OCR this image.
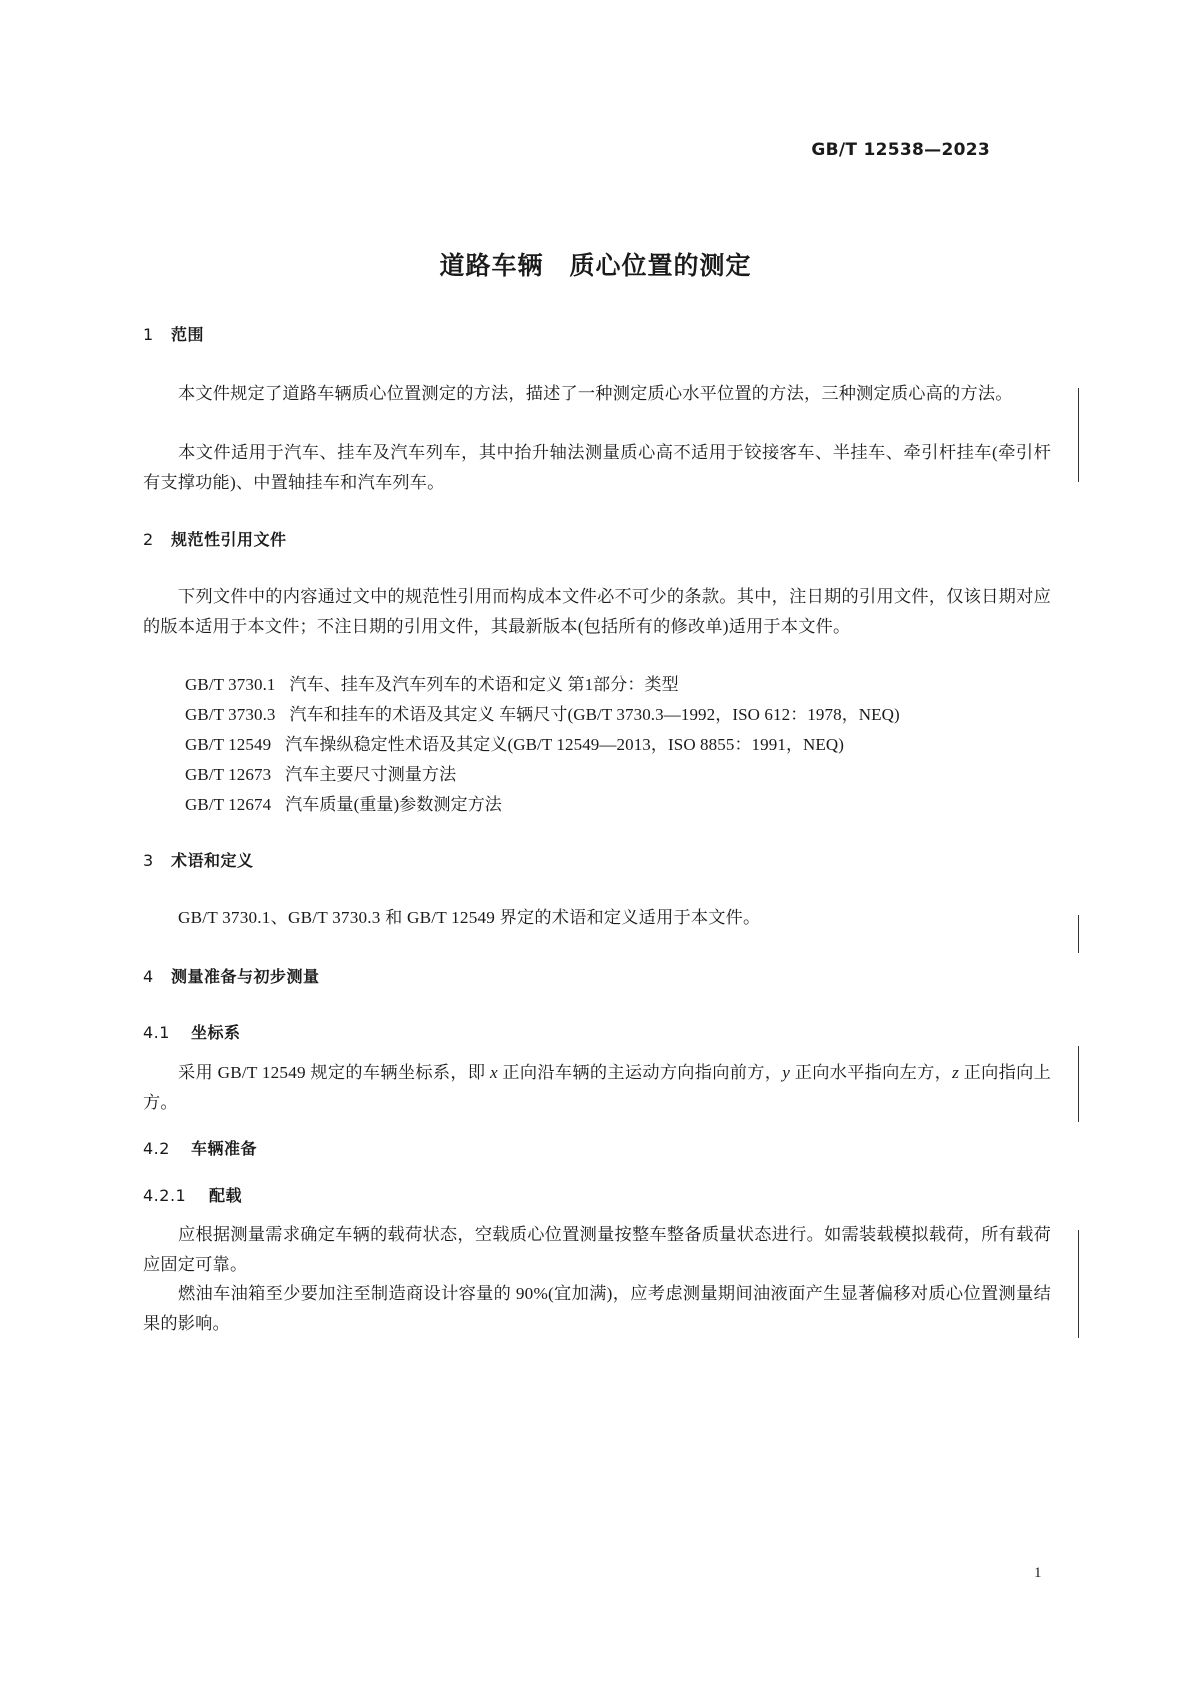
GB/T 12538—2023
道路车辆　质心位置的测定
1 范围
本文件规定了道路车辆质心位置测定的方法，描述了一种测定质心水平位置的方法，三种测定质心高的方法。
本文件适用于汽车、挂车及汽车列车，其中抬升轴法测量质心高不适用于铰接客车、半挂车、牵引杆挂车(牵引杆有支撑功能)、中置轴挂车和汽车列车。
2 规范性引用文件
下列文件中的内容通过文中的规范性引用而构成本文件必不可少的条款。其中，注日期的引用文件，仅该日期对应的版本适用于本文件；不注日期的引用文件，其最新版本(包括所有的修改单)适用于本文件。
GB/T 3730.1 汽车、挂车及汽车列车的术语和定义 第1部分：类型
GB/T 3730.3 汽车和挂车的术语及其定义 车辆尺寸(GB/T 3730.3—1992，ISO 612：1978，NEQ)
GB/T 12549 汽车操纵稳定性术语及其定义(GB/T 12549—2013，ISO 8855：1991，NEQ)
GB/T 12673 汽车主要尺寸测量方法
GB/T 12674 汽车质量(重量)参数测定方法
3 术语和定义
GB/T 3730.1、GB/T 3730.3 和 GB/T 12549 界定的术语和定义适用于本文件。
4 测量准备与初步测量
4.1 坐标系
采用 GB/T 12549 规定的车辆坐标系，即 x 正向沿车辆的主运动方向指向前方，y 正向水平指向左方，z 正向指向上方。
4.2 车辆准备
4.2.1 配载
应根据测量需求确定车辆的载荷状态，空载质心位置测量按整车整备质量状态进行。如需装载模拟载荷，所有载荷应固定可靠。
燃油车油箱至少要加注至制造商设计容量的 90%(宜加满)，应考虑测量期间油液面产生显著偏移对质心位置测量结果的影响。
1
